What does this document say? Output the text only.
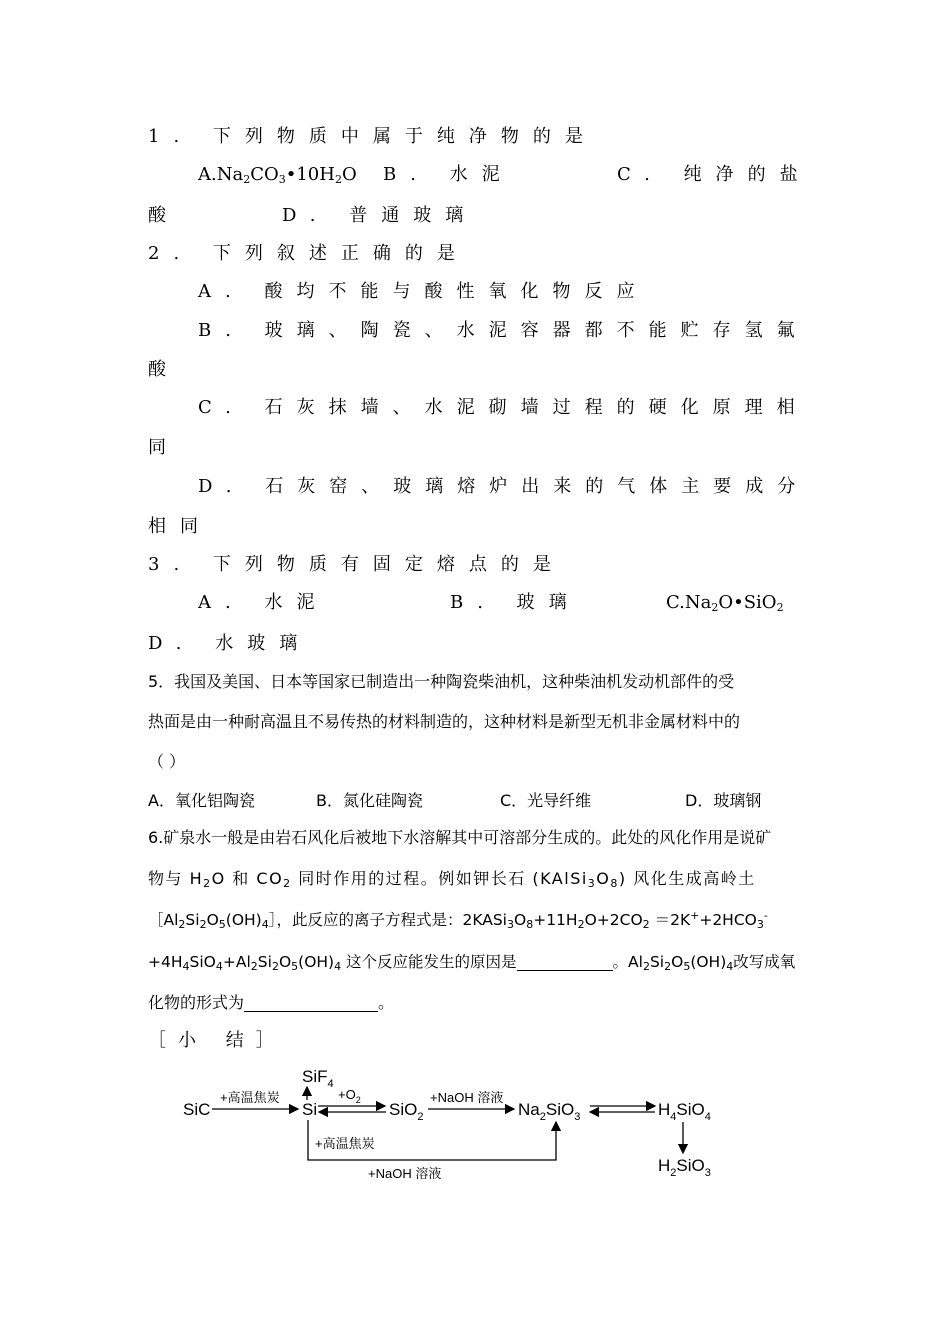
1. 下列物质中属于纯净物的是
$A.Na_2CO_3•10H_2O$ B. 水泥	C. 纯净的盐
酸	D. 普通玻璃
2. 下列叙述正确的是
A. 酸均不能与酸性氧化物反应
B. 玻璃、陶瓷、水泥容器都不能贮存氢氟
酸
C. 石灰抹墙、水泥砌墙过程的硬化原理相
同
D. 石灰窑、玻璃熔炉出来的气体主要成分
相同
3. 下列物质有固定熔点的是
A. 水泥	B. 玻璃	$C.Na_2O•SiO_2$
D. 水玻璃
5．我国及美国、日本等国家已制造出一种陶瓷柴油机，这种柴油机发动机部件的受
热面是由一种耐高温且不易传热的材料制造的，这种材料是新型无机非金属材料中的
（ ）
A．氧化铝陶瓷	B．氮化硅陶瓷	C．光导纤维	D．玻璃钢
6.矿泉水一般是由岩石风化后被地下水溶解其中可溶部分生成的。此处的风化作用是说矿
物与 $H_2O$ 和 $CO_2$ 同时作用的过程。例如钾长石 $(KAlSi_3O_8)$ 风化生成高岭土
$[Al_2Si_2O_5(OH)_4]$，此反应的离子方程式是：$2KASi_3O_8+11H_2O+2CO_2 =2K^++2HCO_3^-$
$+4H_4SiO_4+Al_2Si_2O_5(OH)_4$ 这个反应能发生的原因是	。$Al_2Si_2O_5(OH)_4$改写成氧
化物的形式为	。
［小 结］
SiC
SiF$_4$
Si	SiO$_2$	$Na_2SiO_3$	$H_4SiO_4$
$H_2SiO_3$
+高温焦炭	$+O_2$	+NaOH 溶液
+高温焦炭
+NaOH 溶液
